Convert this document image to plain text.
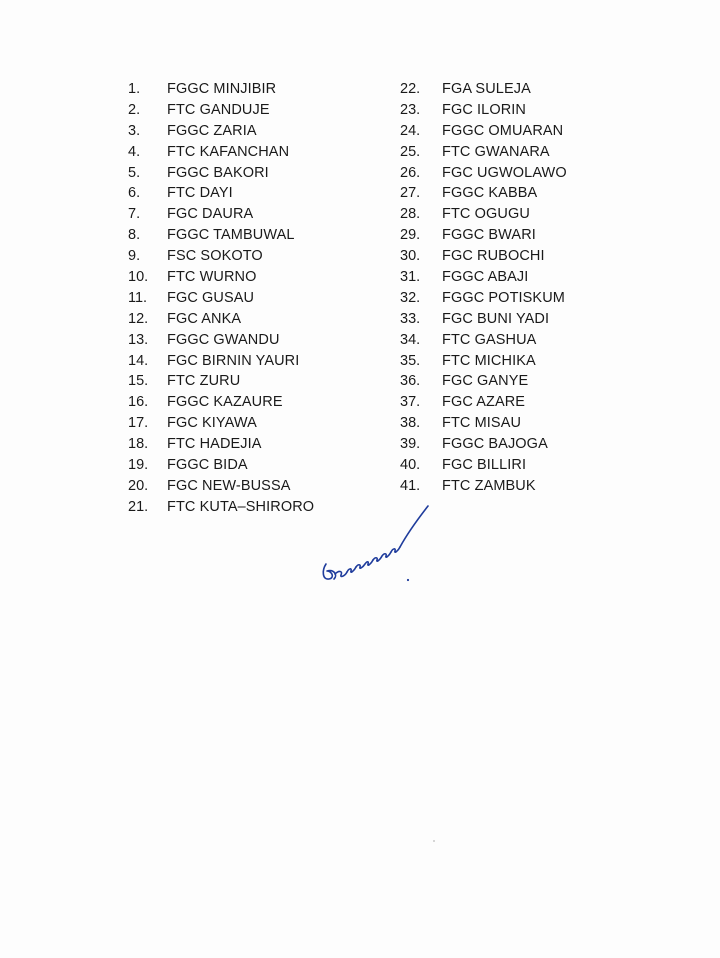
1.	FGGC MINJIBIR
2.	FTC GANDUJE
3.	FGGC ZARIA
4.	FTC KAFANCHAN
5.	FGGC BAKORI
6.	FTC DAYI
7.	FGC DAURA
8.	FGGC TAMBUWAL
9.	FSC SOKOTO
10.	FTC WURNO
11.	FGC GUSAU
12.	FGC ANKA
13.	FGGC GWANDU
14.	FGC BIRNIN YAURI
15.	FTC ZURU
16.	FGGC KAZAURE
17.	FGC KIYAWA
18.	FTC HADEJIA
19.	FGGC BIDA
20.	FGC NEW-BUSSA
21.	FTC KUTA–SHIRORO
22.	FGA SULEJA
23.	FGC ILORIN
24.	FGGC OMUARAN
25.	FTC GWANARA
26.	FGC UGWOLAWO
27.	FGGC KABBA
28.	FTC OGUGU
29.	FGGC BWARI
30.	FGC RUBOCHI
31.	FGGC ABAJI
32.	FGGC POTISKUM
33.	FGC BUNI YADI
34.	FTC GASHUA
35.	FTC MICHIKA
36.	FGC GANYE
37.	FGC AZARE
38.	FTC MISAU
39.	FGGC BAJOGA
40.	FGC BILLIRI
41.	FTC ZAMBUK
